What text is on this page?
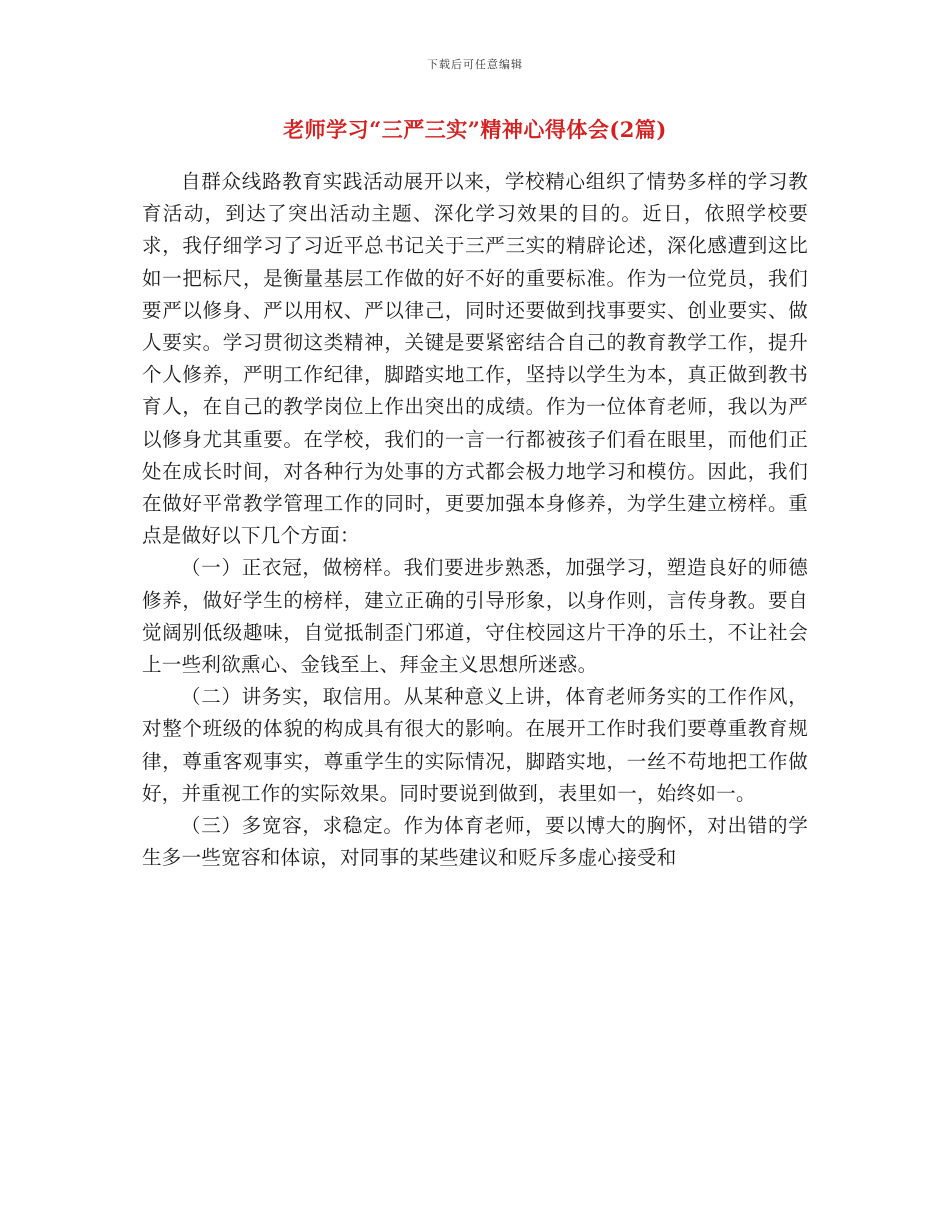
下载后可任意编辑
老师学习“三严三实”精神心得体会(2篇)

自群众线路教育实践活动展开以来，学校精心组织了情势多样的学习教育活动，到达了突出活动主题、深化学习效果的目的。近日，依照学校要求，我仔细学习了习近平总书记关于三严三实的精辟论述，深化感遭到这比如一把标尺，是衡量基层工作做的好不好的重要标准。作为一位党员，我们要严以修身、严以用权、严以律己，同时还要做到找事要实、创业要实、做人要实。学习贯彻这类精神，关键是要紧密结合自己的教育教学工作，提升个人修养，严明工作纪律，脚踏实地工作，坚持以学生为本，真正做到教书育人，在自己的教学岗位上作出突出的成绩。作为一位体育老师，我以为严以修身尤其重要。在学校，我们的一言一行都被孩子们看在眼里，而他们正处在成长时间，对各种行为处事的方式都会极力地学习和模仿。因此，我们在做好平常教学管理工作的同时，更要加强本身修养，为学生建立榜样。重点是做好以下几个方面：

（一）正衣冠，做榜样。我们要进步熟悉，加强学习，塑造良好的师德修养，做好学生的榜样，建立正确的引导形象，以身作则，言传身教。要自觉阔别低级趣味，自觉抵制歪门邪道，守住校园这片干净的乐土，不让社会上一些利欲熏心、金钱至上、拜金主义思想所迷惑。

（二）讲务实，取信用。从某种意义上讲，体育老师务实的工作作风，对整个班级的体貌的构成具有很大的影响。在展开工作时我们要尊重教育规律，尊重客观事实，尊重学生的实际情况，脚踏实地，一丝不苟地把工作做好，并重视工作的实际效果。同时要说到做到，表里如一，始终如一。

（三）多宽容，求稳定。作为体育老师，要以博大的胸怀，对出错的学生多一些宽容和体谅，对同事的某些建议和贬斥多虚心接受和
